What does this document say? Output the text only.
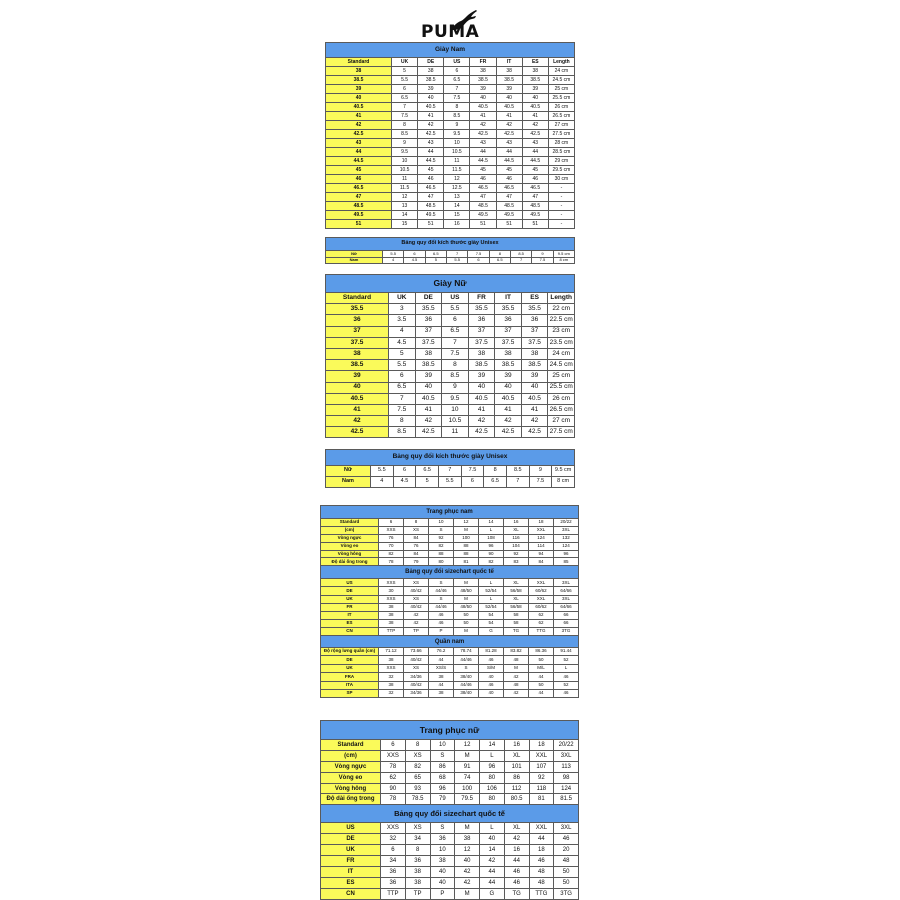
PUMA
Giày Nam							
Standard	UK	DE	US	FR	IT	ES	Length
38	5	38	6	38	38	38	24 cm
38.5	5.5	38.5	6.5	38.5	38.5	38.5	24.5 cm
39	6	39	7	39	39	39	25 cm
40	6.5	40	7.5	40	40	40	25.5 cm
40.5	7	40.5	8	40.5	40.5	40.5	26 cm
41	7.5	41	8.5	41	41	41	26.5 cm
42	8	42	9	42	42	42	27 cm
42.5	8.5	42.5	9.5	42.5	42.5	42.5	27.5 cm
43	9	43	10	43	43	43	28 cm
44	9.5	44	10.5	44	44	44	28.5 cm
44.5	10	44.5	11	44.5	44.5	44.5	29 cm
45	10.5	45	11.5	45	45	45	29.5 cm
46	11	46	12	46	46	46	30 cm
46.5	11.5	46.5	12.5	46.5	46.5	46.5	-
47	12	47	13	47	47	47	-
48.5	13	48.5	14	48.5	48.5	48.5	-
49.5	14	49.5	15	49.5	49.5	49.5	-
51	15	51	16	51	51	51	-
Bảng quy đổi kích thước giày Unisex									
Nữ	5.5	6	6.5	7	7.5	8	8.5	9	9.5 cm
Nam	4	4.5	5	5.5	6	6.5	7	7.5	8 cm
Giày Nữ							
Standard	UK	DE	US	FR	IT	ES	Length
35.5	3	35.5	5.5	35.5	35.5	35.5	22 cm
36	3.5	36	6	36	36	36	22.5 cm
37	4	37	6.5	37	37	37	23 cm
37.5	4.5	37.5	7	37.5	37.5	37.5	23.5 cm
38	5	38	7.5	38	38	38	24 cm
38.5	5.5	38.5	8	38.5	38.5	38.5	24.5 cm
39	6	39	8.5	39	39	39	25 cm
40	6.5	40	9	40	40	40	25.5 cm
40.5	7	40.5	9.5	40.5	40.5	40.5	26 cm
41	7.5	41	10	41	41	41	26.5 cm
42	8	42	10.5	42	42	42	27 cm
42.5	8.5	42.5	11	42.5	42.5	42.5	27.5 cm
Bảng quy đổi kích thước giày Unisex									
Nữ	5.5	6	6.5	7	7.5	8	8.5	9	9.5 cm
Nam	4	4.5	5	5.5	6	6.5	7	7.5	8 cm
Trang phục nam								
Standard	6	8	10	12	14	16	18	20/22
(cm)	XXS	XS	S	M	L	XL	XXL	3XL
Vòng ngực	76	84	92	100	108	116	124	132
Vòng eo	70	76	82	88	96	104	114	124
Vòng hông	82	84	88	88	90	92	94	96
Độ dài ống trong	78	79	80	81	82	83	84	85
Bảng quy đổi sizechart quốc tế								
US	XXS	XS	S	M	L	XL	XXL	3XL
DE	30	40/42	44/46	48/50	52/54	56/58	60/62	64/66
UK	XXS	XS	S	M	L	XL	XXL	3XL
FR	38	40/42	44/46	48/50	52/54	56/58	60/62	64/66
IT	38	42	46	50	54	58	62	66
ES	38	42	46	50	54	58	62	66
CN	TTP	TP	P	M	G	TG	TTG	3TG
Quần nam								
Độ rộng lưng quần (cm)	71.12	73.66	76.2	78.74	81.28	83.82	86.36	91.44
DE	38	40/42	44	44/46	46	48	50	52
UK	XXS	XS	XS/S	S	S/M	M	M/L	L
FRA	32	34/36	38	38/40	40	42	44	46
ITA	38	40/42	44	44/46	46	48	50	52
SP	32	34/36	38	38/40	40	42	44	46
Trang phục nữ								
Standard	6	8	10	12	14	16	18	20/22
(cm)	XXS	XS	S	M	L	XL	XXL	3XL
Vòng ngực	78	82	86	91	96	101	107	113
Vòng eo	62	65	68	74	80	86	92	98
Vòng hông	90	93	96	100	106	112	118	124
Độ dài ống trong	78	78.5	79	79.5	80	80.5	81	81.5
Bảng quy đổi sizechart quốc tế								
US	XXS	XS	S	M	L	XL	XXL	3XL
DE	32	34	36	38	40	42	44	46
UK	6	8	10	12	14	16	18	20
FR	34	36	38	40	42	44	46	48
IT	36	38	40	42	44	46	48	50
ES	36	38	40	42	44	46	48	50
CN	TTP	TP	P	M	G	TG	TTG	3TG
